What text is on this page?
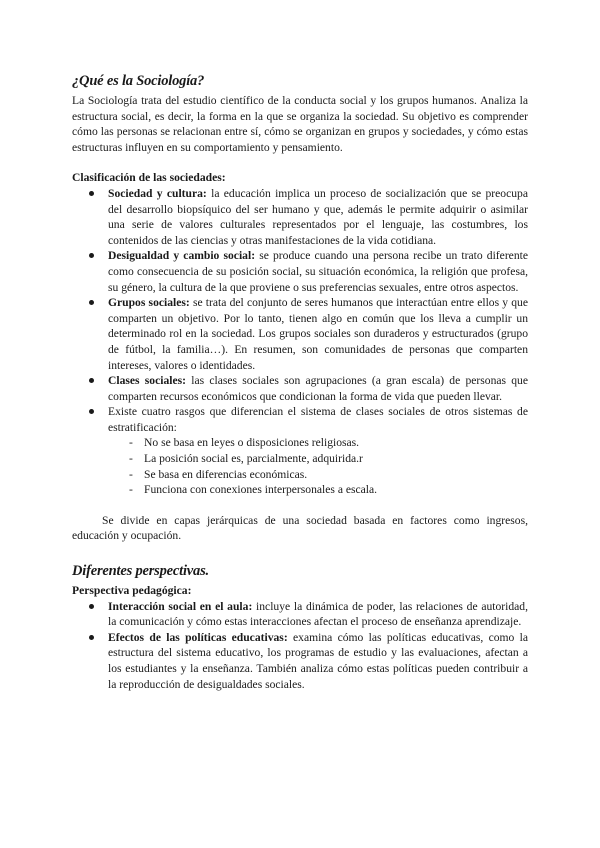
¿Qué es la Sociología?

La Sociología trata del estudio científico de la conducta social y los grupos humanos. Analiza la estructura social, es decir, la forma en la que se organiza la sociedad. Su objetivo es comprender cómo las personas se relacionan entre sí, cómo se organizan en grupos y sociedades, y cómo estas estructuras influyen en su comportamiento y pensamiento.

Clasificación de las sociedades:

Sociedad y cultura: la educación implica un proceso de socialización que se preocupa del desarrollo biopsíquico del ser humano y que, además le permite adquirir o asimilar una serie de valores culturales representados por el lenguaje, las costumbres, los contenidos de las ciencias y otras manifestaciones de la vida cotidiana.
Desigualdad y cambio social: se produce cuando una persona recibe un trato diferente como consecuencia de su posición social, su situación económica, la religión que profesa, su género, la cultura de la que proviene o sus preferencias sexuales, entre otros aspectos.
Grupos sociales: se trata del conjunto de seres humanos que interactúan entre ellos y que comparten un objetivo. Por lo tanto, tienen algo en común que los lleva a cumplir un determinado rol en la sociedad. Los grupos sociales son duraderos y estructurados (grupo de fútbol, la familia…). En resumen, son comunidades de personas que comparten intereses, valores o identidades.
Clases sociales: las clases sociales son agrupaciones (a gran escala) de personas que comparten recursos económicos que condicionan la forma de vida que pueden llevar.
Existe cuatro rasgos que diferencian el sistema de clases sociales de otros sistemas de estratificación:
- No se basa en leyes o disposiciones religiosas.
- La posición social es, parcialmente, adquirida.r
- Se basa en diferencias económicas.
- Funciona con conexiones interpersonales a escala.

Se divide en capas jerárquicas de una sociedad basada en factores como ingresos, educación y ocupación.

Diferentes perspectivas.

Perspectiva pedagógica:

Interacción social en el aula: incluye la dinámica de poder, las relaciones de autoridad, la comunicación y cómo estas interacciones afectan el proceso de enseñanza aprendizaje.
Efectos de las políticas educativas: examina cómo las políticas educativas, como la estructura del sistema educativo, los programas de estudio y las evaluaciones, afectan a los estudiantes y la enseñanza. También analiza cómo estas políticas pueden contribuir a la reproducción de desigualdades sociales.
